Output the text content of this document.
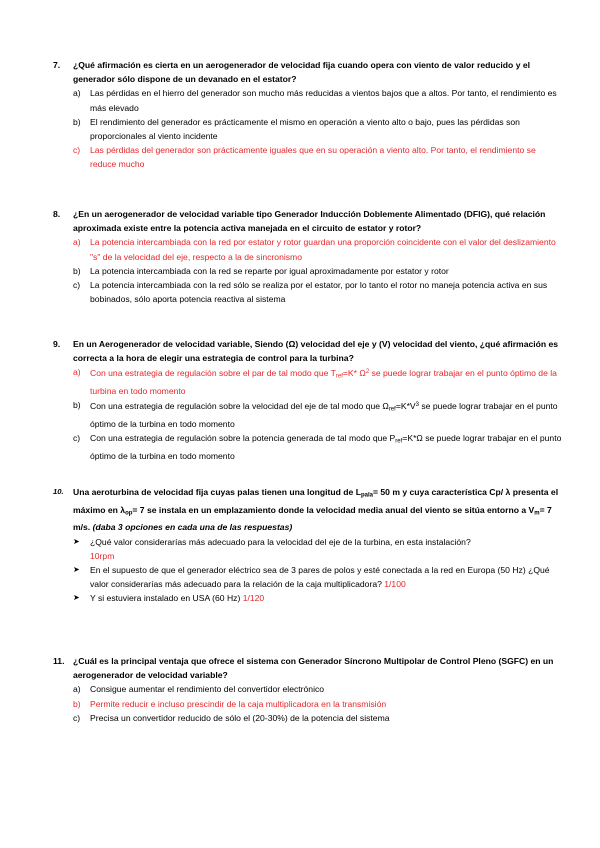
7.	¿Qué afirmación es cierta en un aerogenerador de velocidad fija cuando opera con viento de valor reducido y el generador sólo dispone de un devanado en el estator?
a)	Las pérdidas en el hierro del generador son mucho más reducidas a vientos bajos que a altos. Por tanto, el rendimiento es más elevado
b)	El rendimiento del generador es prácticamente el mismo en operación a viento alto o bajo, pues las pérdidas son proporcionales al viento incidente
c)	Las pérdidas del generador son prácticamente iguales que en su operación a viento alto. Por tanto, el rendimiento se reduce mucho
8.	¿En un aerogenerador de velocidad variable tipo Generador Inducción Doblemente Alimentado (DFIG), qué relación aproximada existe entre la potencia activa manejada en el circuito de estator y rotor?
a)	La potencia intercambiada con la red por estator y rotor guardan una proporción coincidente con el valor del deslizamiento "s" de la velocidad del eje, respecto a la de sincronismo
b)	La potencia intercambiada con la red se reparte por igual aproximadamente por estator y rotor
c)	La potencia intercambiada con la red sólo se realiza por el estator, por lo tanto el rotor no maneja potencia activa en sus bobinados, sólo aporta potencia reactiva al sistema
9.	En un Aerogenerador de velocidad variable, Siendo (Ω) velocidad del eje y (V) velocidad del viento, ¿qué afirmación es correcta a la hora de elegir una estrategia de control para la turbina?
a)	Con una estrategia de regulación sobre el par de tal modo que $T_{ref}=K*$ $\Omega^2$ se puede lograr trabajar en el punto óptimo de la turbina en todo momento
b)	Con una estrategia de regulación sobre la velocidad del eje de tal modo que $\Omega_{ref}=K*V^3$ se puede lograr trabajar en el punto óptimo de la turbina en todo momento
c)	Con una estrategia de regulación sobre la potencia generada de tal modo que $P_{ref}=K*\Omega$ se puede lograr trabajar en el punto óptimo de la turbina en todo momento
10.	Una aeroturbina de velocidad fija cuyas palas tienen una longitud de $L_{pala}= 50$ m y cuya característica Cp/ λ presenta el máximo en $\lambda_{op}= 7$ se instala en un emplazamiento donde la velocidad media anual del viento se sitúa entorno a $V_m= 7$ m/s. (daba 3 opciones en cada una de las respuestas)
➤	¿Qué valor considerarías más adecuado para la velocidad del eje de la turbina, en esta instalación?
10rpm
➤	En el supuesto de que el generador eléctrico sea de 3 pares de polos y esté conectada a la red en Europa (50 Hz) ¿Qué valor considerarías más adecuado para la relación de la caja multiplicadora? 1/100
➤	Y si estuviera instalado en USA (60 Hz) 1/120
11. ¿Cuál es la principal ventaja que ofrece el sistema con Generador Síncrono Multipolar de Control Pleno (SGFC) en un aerogenerador de velocidad variable?
a)	Consigue aumentar el rendimiento del convertidor electrónico
b)	Permite reducir e incluso prescindir de la caja multiplicadora en la transmisión
c)	Precisa un convertidor reducido de sólo el (20-30%) de la potencia del sistema
